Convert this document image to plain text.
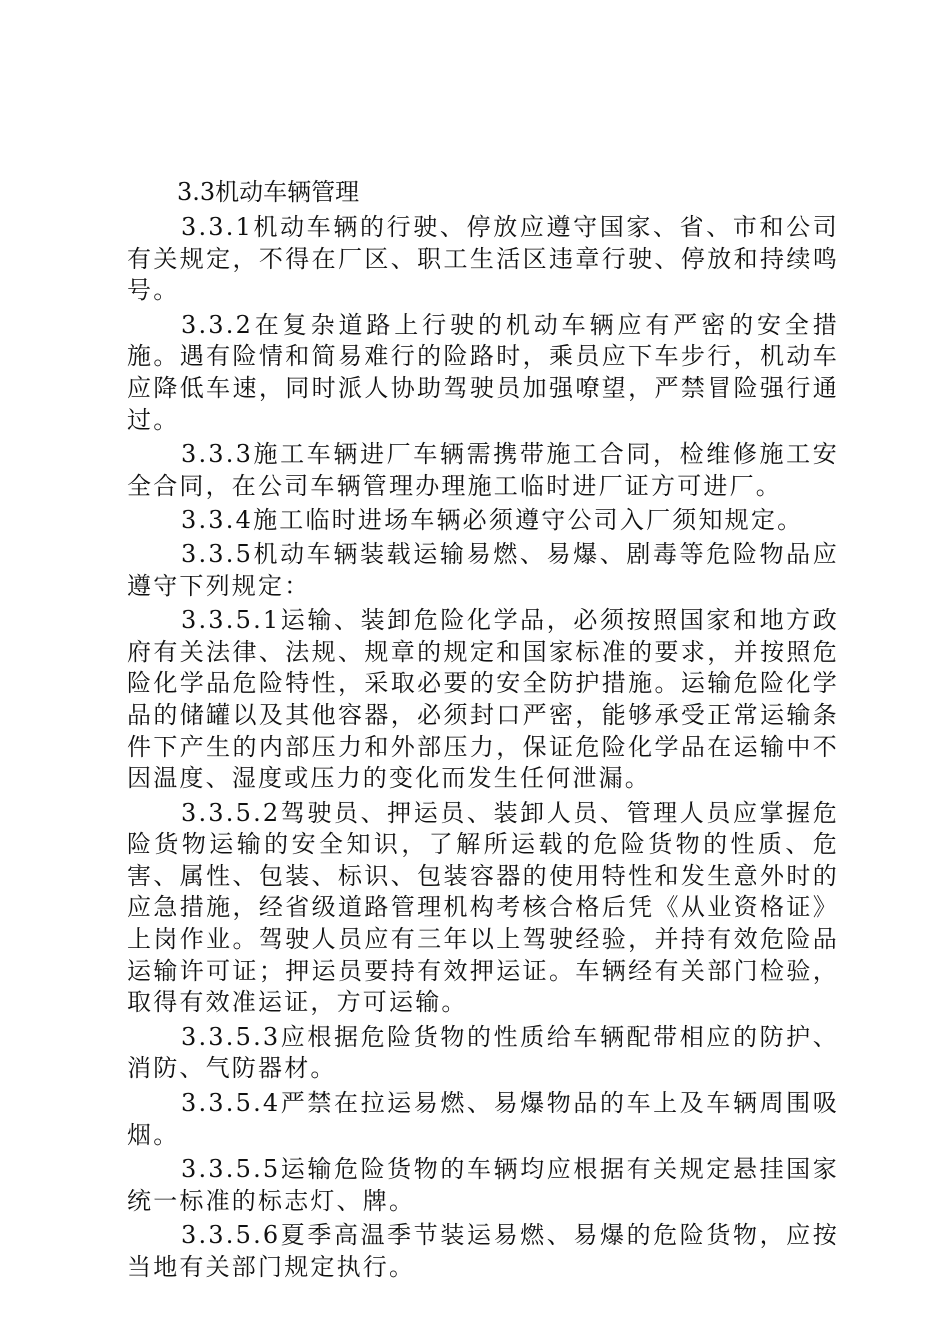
3.3机动车辆管理

3.3.1机动车辆的行驶、停放应遵守国家、省、市和公司有关规定，不得在厂区、职工生活区违章行驶、停放和持续鸣号。

3.3.2在复杂道路上行驶的机动车辆应有严密的安全措施。遇有险情和简易难行的险路时，乘员应下车步行，机动车应降低车速，同时派人协助驾驶员加强嘹望，严禁冒险强行通过。

3.3.3施工车辆进厂车辆需携带施工合同，检维修施工安全合同，在公司车辆管理办理施工临时进厂证方可进厂。

3.3.4施工临时进场车辆必须遵守公司入厂须知规定。

3.3.5机动车辆装载运输易燃、易爆、剧毒等危险物品应遵守下列规定：

3.3.5.1运输、装卸危险化学品，必须按照国家和地方政府有关法律、法规、规章的规定和国家标准的要求，并按照危险化学品危险特性，采取必要的安全防护措施。运输危险化学品的储罐以及其他容器，必须封口严密，能够承受正常运输条件下产生的内部压力和外部压力，保证危险化学品在运输中不因温度、湿度或压力的变化而发生任何泄漏。

3.3.5.2驾驶员、押运员、装卸人员、管理人员应掌握危险货物运输的安全知识，了解所运载的危险货物的性质、危害、属性、包装、标识、包装容器的使用特性和发生意外时的应急措施，经省级道路管理机构考核合格后凭《从业资格证》上岗作业。驾驶人员应有三年以上驾驶经验，并持有效危险品运输许可证；押运员要持有效押运证。车辆经有关部门检验，取得有效准运证，方可运输。

3.3.5.3应根据危险货物的性质给车辆配带相应的防护、消防、气防器材。

3.3.5.4严禁在拉运易燃、易爆物品的车上及车辆周围吸烟。

3.3.5.5运输危险货物的车辆均应根据有关规定悬挂国家统一标准的标志灯、牌。

3.3.5.6夏季高温季节装运易燃、易爆的危险货物，应按当地有关部门规定执行。
